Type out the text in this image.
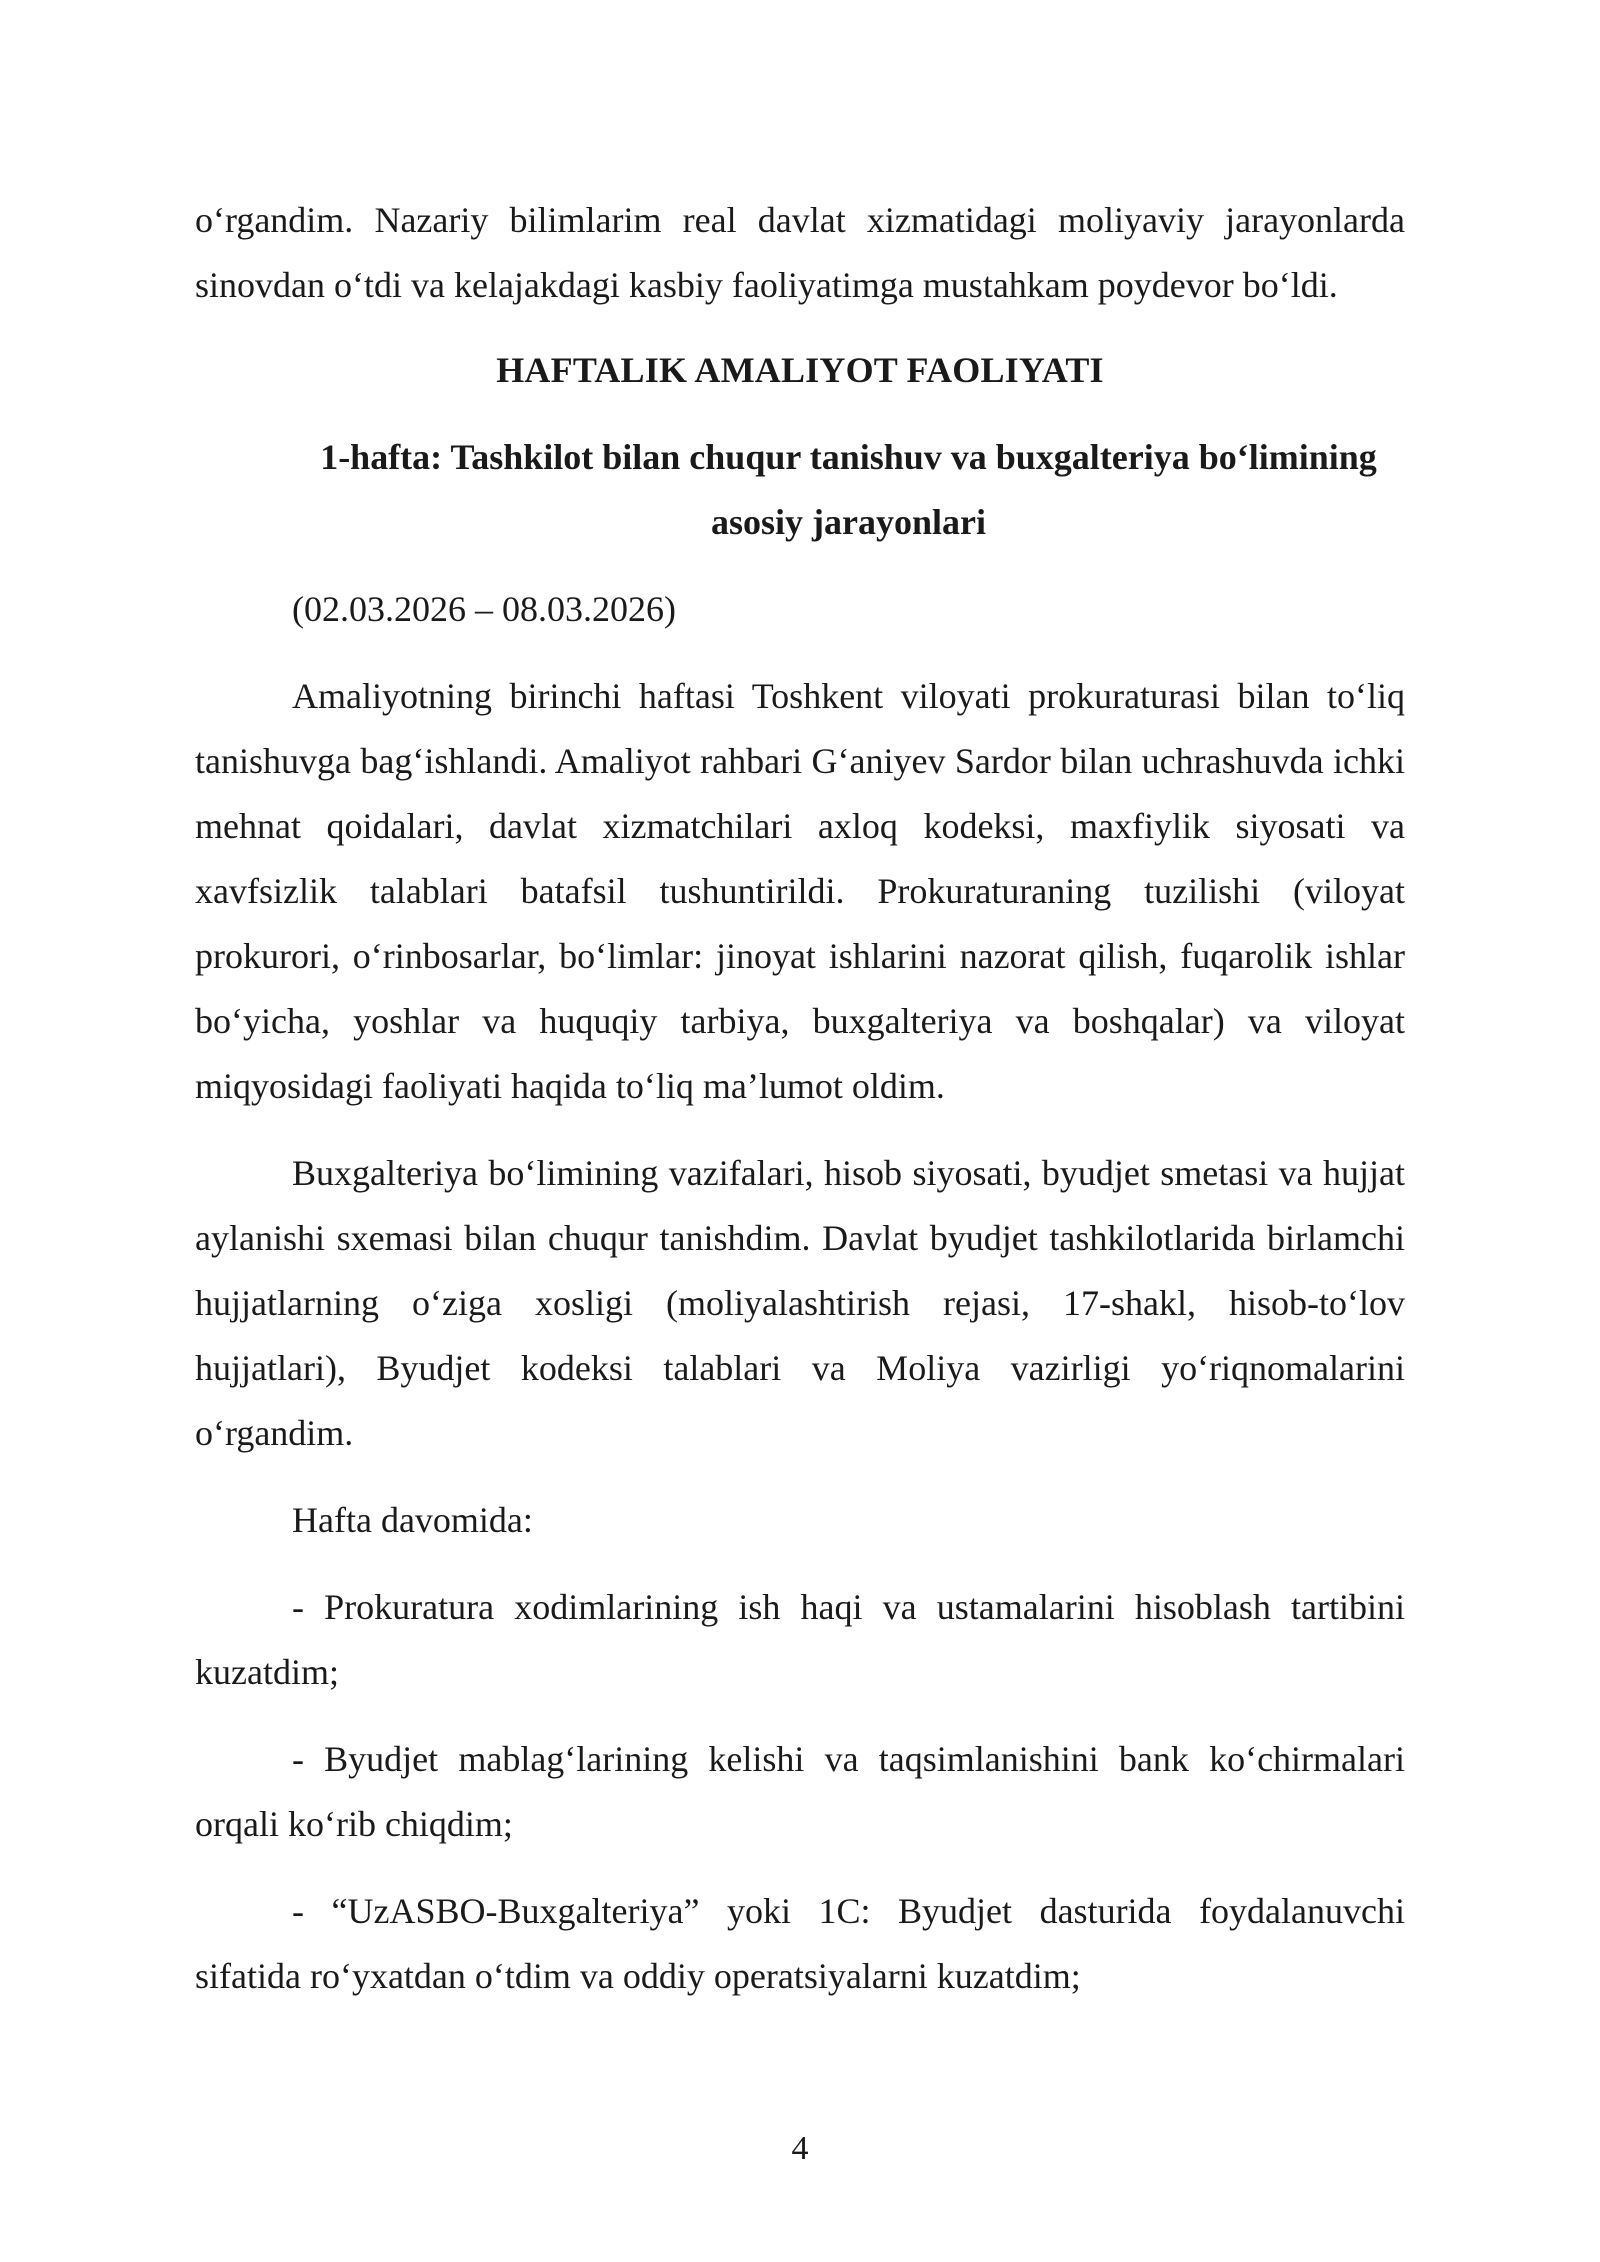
o‘rgandim. Nazariy bilimlarim real davlat xizmatidagi moliyaviy jarayonlarda sinovdan o‘tdi va kelajakdagi kasbiy faoliyatimga mustahkam poydevor bo‘ldi.

HAFTALIK AMALIYOT FAOLIYATI
1-hafta: Tashkilot bilan chuqur tanishuv va buxgalteriya bo‘limining asosiy jarayonlari

(02.03.2026 – 08.03.2026)

Amaliyotning birinchi haftasi Toshkent viloyati prokuraturasi bilan to‘liq tanishuvga bag‘ishlandi. Amaliyot rahbari G‘aniyev Sardor bilan uchrashuvda ichki mehnat qoidalari, davlat xizmatchilari axloq kodeksi, maxfiylik siyosati va xavfsizlik talablari batafsil tushuntirildi. Prokuraturaning tuzilishi (viloyat prokurori, o‘rinbosarlar, bo‘limlar: jinoyat ishlarini nazorat qilish, fuqarolik ishlar bo‘yicha, yoshlar va huquqiy tarbiya, buxgalteriya va boshqalar) va viloyat miqyosidagi faoliyati haqida to‘liq ma’lumot oldim.

Buxgalteriya bo‘limining vazifalari, hisob siyosati, byudjet smetasi va hujjat aylanishi sxemasi bilan chuqur tanishdim. Davlat byudjet tashkilotlarida birlamchi hujjatlarning o‘ziga xosligi (moliyalashtirish rejasi, 17-shakl, hisob-to‘lov hujjatlari), Byudjet kodeksi talablari va Moliya vazirligi yo‘riqnomalarini o‘rgandim.

Hafta davomida:

- Prokuratura xodimlarining ish haqi va ustamalarini hisoblash tartibini kuzatdim;

- Byudjet mablag‘larining kelishi va taqsimlanishini bank ko‘chirmalari orqali ko‘rib chiqdim;

- “UzASBO-Buxgalteriya” yoki 1C: Byudjet dasturida foydalanuvchi sifatida ro‘yxatdan o‘tdim va oddiy operatsiyalarni kuzatdim;

4
